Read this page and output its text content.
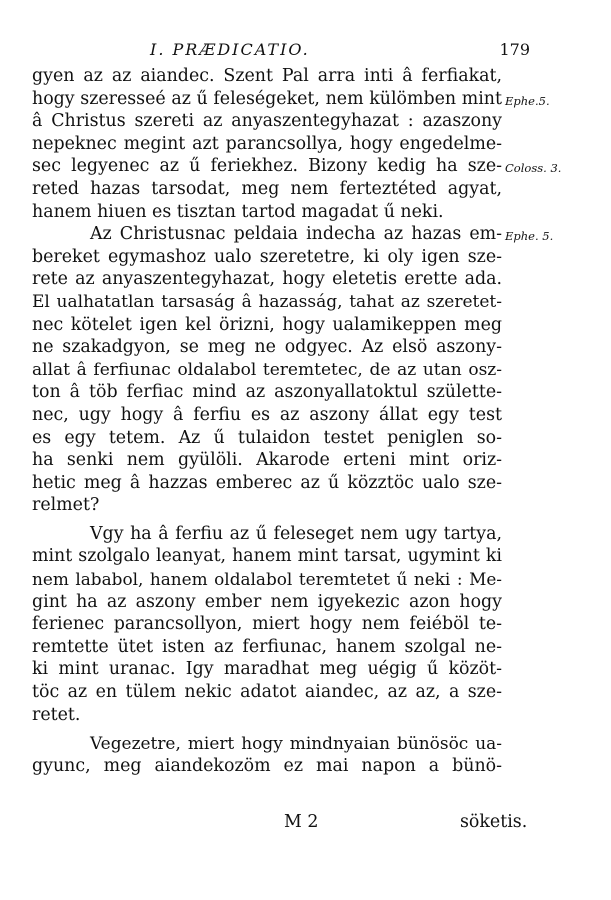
I. PRÆDICATIO.	179
gyen az az aiandec. Szent Pal arra inti â ferfiakat,
hogy szeresseé az ű feleségeket, nem külömben mint
â Christus szereti az anyaszentegyhazat : azaszony
nepeknec megint azt parancsollya, hogy engedelme-
sec legyenec az ű feriekhez. Bizony kedig ha sze-
reted hazas tarsodat, meg nem ferteztéted agyat,
hanem hiuen es tisztan tartod magadat ű neki.
Az Christusnac peldaia indecha az hazas em-
bereket egymashoz ualo szeretetre, ki oly igen sze-
rete az anyaszentegyhazat, hogy eletetis erette ada.
El ualhatatlan tarsaság â hazasság, tahat az szeretet-
nec kötelet igen kel örizni, hogy ualamikeppen meg
ne szakadgyon, se meg ne odgyec. Az elsö aszony-
allat â ferfiunac oldalabol teremtetec, de az utan osz-
ton â töb ferfiac mind az aszonyallatoktul születte-
nec, ugy hogy â ferfiu es az aszony állat egy test
es egy tetem. Az ű tulaidon testet peniglen so-
ha senki nem gyülöli. Akarode erteni mint oriz-
hetic meg â hazzas emberec az ű közztöc ualo sze-
relmet?
Vgy ha â ferfiu az ű feleseget nem ugy tartya,
mint szolgalo leanyat, hanem mint tarsat, ugymint ki
nem lababol, hanem oldalabol teremtetet ű neki : Me-
gint ha az aszony ember nem igyekezic azon hogy
ferienec parancsollyon, miert hogy nem feiéböl te-
remtette ütet isten az ferfiunac, hanem szolgal ne-
ki mint uranac. Igy maradhat meg uégig ű közöt-
töc az en tülem nekic adatot aiandec, az az, a sze-
retet.
Vegezetre, miert hogy mindnyaian bünösöc ua-
gyunc, meg aiandekozöm ez mai napon a bünö-
Ephe.5.
Coloss. 3.
Ephe. 5.
M 2	söketis.
